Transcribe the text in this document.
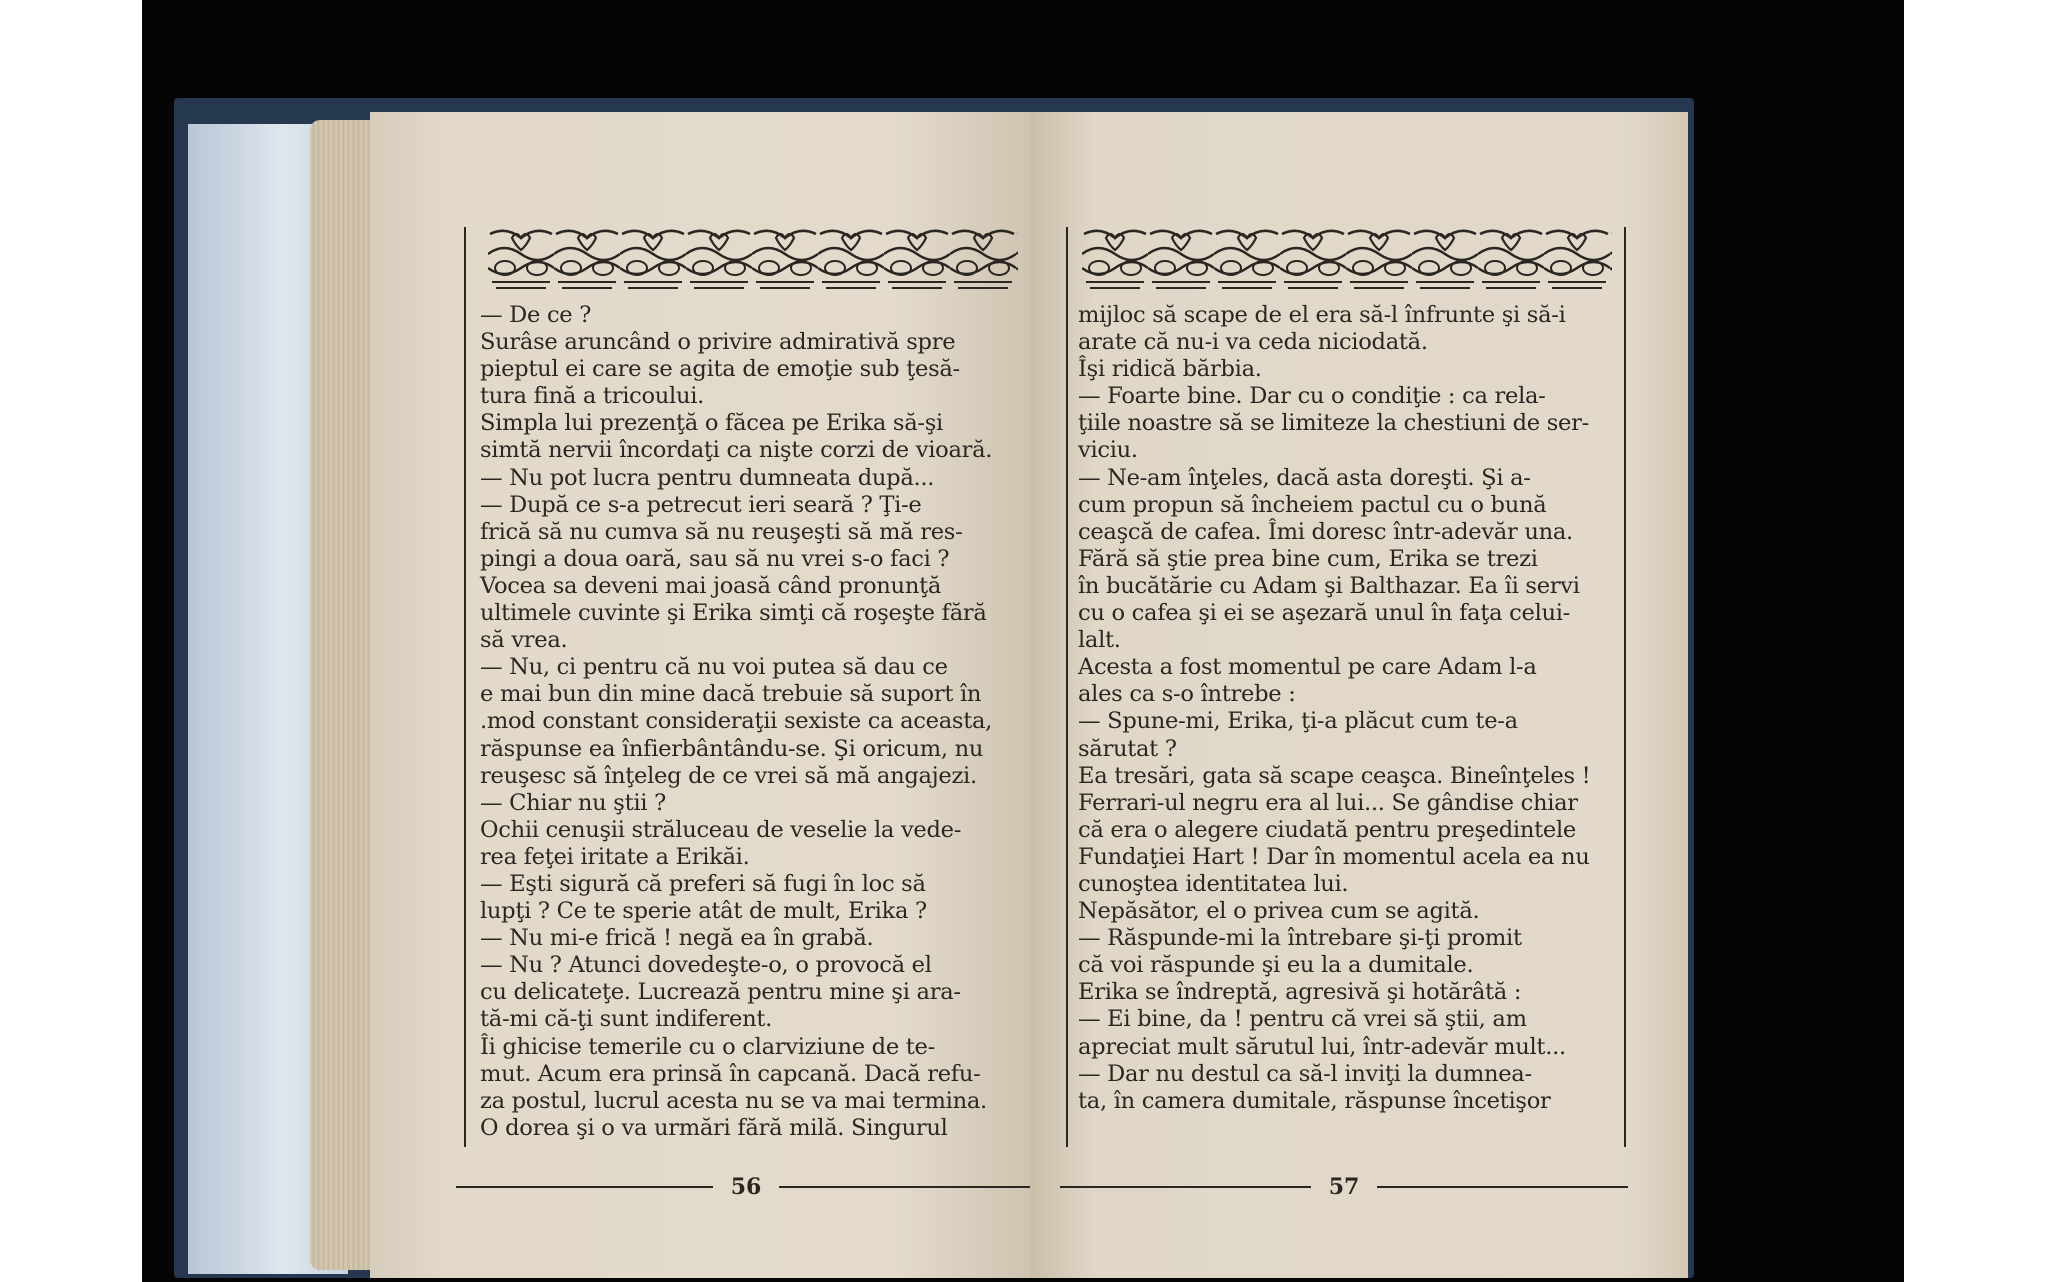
— De ce ?
Surâse aruncând o privire admirativă spre
pieptul ei care se agita de emoţie sub ţesă-
tura fină a tricoului.
Simpla lui prezenţă o făcea pe Erika să-şi
simtă nervii încordaţi ca nişte corzi de vioară.
— Nu pot lucra pentru dumneata după...
— După ce s-a petrecut ieri seară ? Ţi-e
frică să nu cumva să nu reuşeşti să mă res-
pingi a doua oară, sau să nu vrei s-o faci ?
Vocea sa deveni mai joasă când pronunţă
ultimele cuvinte şi Erika simţi că roşeşte fără
să vrea.
— Nu, ci pentru că nu voi putea să dau ce
e mai bun din mine dacă trebuie să suport în
.mod constant consideraţii sexiste ca aceasta,
răspunse ea înfierbântându-se. Şi oricum, nu
reuşesc să înţeleg de ce vrei să mă angajezi.
— Chiar nu ştii ?
Ochii cenuşii străluceau de veselie la vede-
rea feţei iritate a Erikăi.
— Eşti sigură că preferi să fugi în loc să
lupţi ? Ce te sperie atât de mult, Erika ?
— Nu mi-e frică ! negă ea în grabă.
— Nu ? Atunci dovedeşte-o, o provocă el
cu delicateţe. Lucrează pentru mine şi ara-
tă-mi că-ţi sunt indiferent.
Îi ghicise temerile cu o clarviziune de te-
mut. Acum era prinsă în capcană. Dacă refu-
za postul, lucrul acesta nu se va mai termina.
O dorea şi o va urmări fără milă. Singurul
56
mijloc să scape de el era să-l înfrunte şi să-i
arate că nu-i va ceda niciodată.
Îşi ridică bărbia.
— Foarte bine. Dar cu o condiţie : ca rela-
ţiile noastre să se limiteze la chestiuni de ser-
viciu.
— Ne-am înţeles, dacă asta doreşti. Şi a-
cum propun să încheiem pactul cu o bună
ceaşcă de cafea. Îmi doresc într-adevăr una.
Fără să ştie prea bine cum, Erika se trezi
în bucătărie cu Adam şi Balthazar. Ea îi servi
cu o cafea şi ei se aşezară unul în faţa celui-
lalt.
Acesta a fost momentul pe care Adam l-a
ales ca s-o întrebe :
— Spune-mi, Erika, ţi-a plăcut cum te-a
sărutat ?
Ea tresări, gata să scape ceaşca. Bineînţeles !
Ferrari-ul negru era al lui... Se gândise chiar
că era o alegere ciudată pentru preşedintele
Fundaţiei Hart ! Dar în momentul acela ea nu
cunoştea identitatea lui.
Nepăsător, el o privea cum se agită.
— Răspunde-mi la întrebare şi-ţi promit
că voi răspunde şi eu la a dumitale.
Erika se îndreptă, agresivă şi hotărâtă :
— Ei bine, da ! pentru că vrei să ştii, am
apreciat mult sărutul lui, într-adevăr mult...
— Dar nu destul ca să-l inviţi la dumnea-
ta, în camera dumitale, răspunse încetişor
57
